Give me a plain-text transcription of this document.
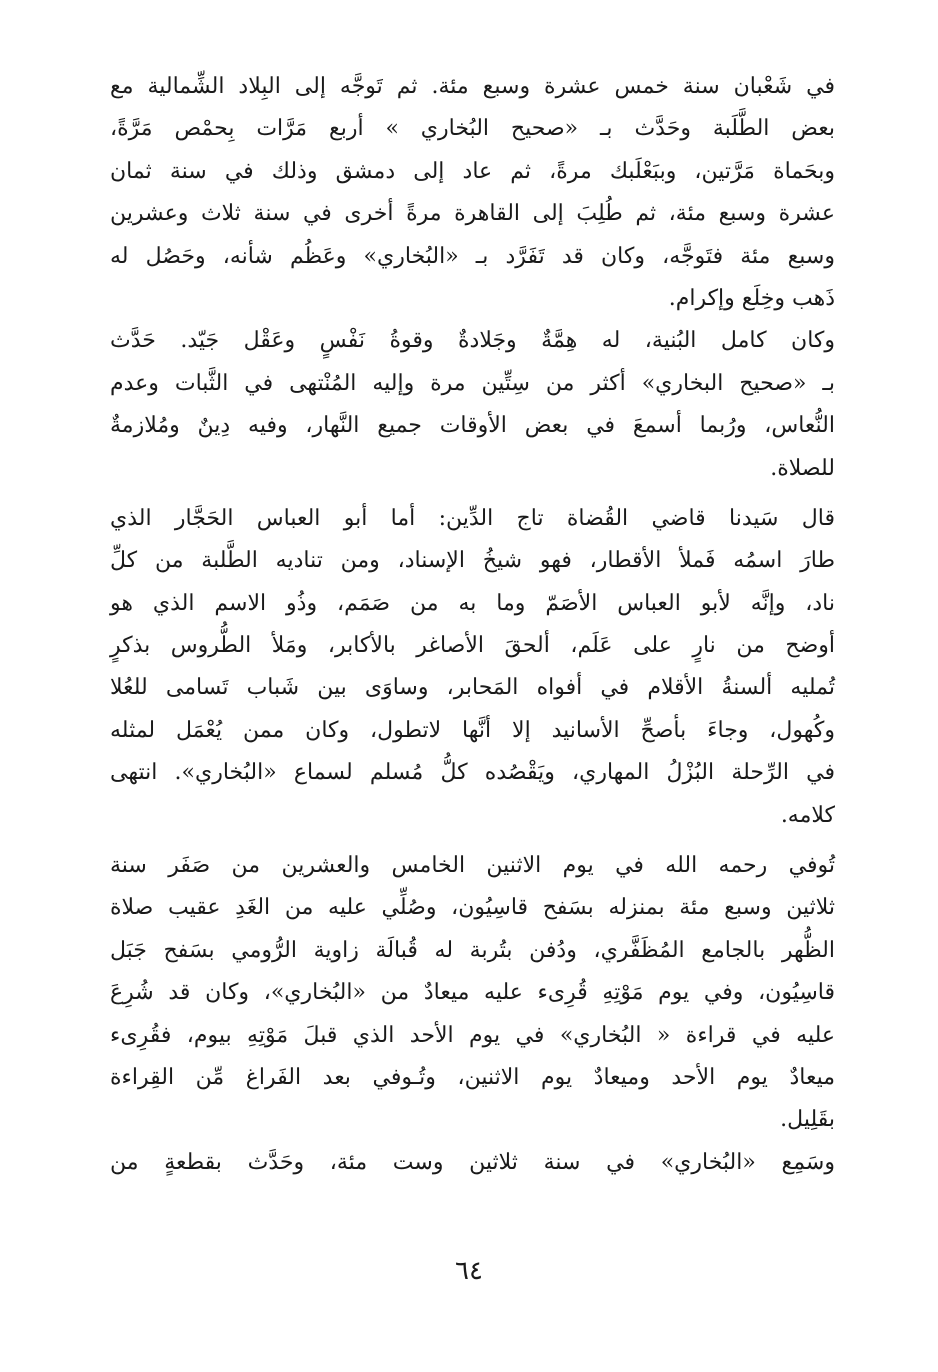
في شَعْبان سنة خمس عشرة وسبع مئة. ثم تَوجَّه إلى البِلاد الشِّمالية مع
بعض الطَّلَبة وحَدَّث بـ «صحيح البُخاري » أربع مَرَّات بِحمْص مَرَّةً،
وبحَماة مَرَّتين، وببَعْلَبك مرةً، ثم عاد إلى دمشق وذلك في سنة ثمان
عشرة وسبع مئة، ثم طُلِبَ إلى القاهرة مرةً أخرى في سنة ثلاث وعشرين
وسبع مئة فتَوجَّه، وكان قد تَفَرَّد بـ «البُخاري» وعَظُم شأنه، وحَصُل له
ذَهب وخِلَع وإكرام.
وكان كامل البُنية، له هِمَّةٌ وجَلادةٌ وقوةُ نَفْسٍ وعَقْل جَيّد. حَدَّث
بـ «صحيح البخاري» أكثر من سِتِّين مرة وإليه المُنْتهى في الثَّبات وعدم
النُّعاس، ورُبما أسمعَ في بعض الأوقات جميع النَّهار، وفيه دِينٌ ومُلازمةٌ
للصلاة.
قال سَيدنا قاضي القُضاة تاج الدِّين: أما أبو العباس الحَجَّار الذي
طارَ اسمُه فَملأ الأقطار، فهو شيخُ الإسناد، ومن تناديه الطَّلبة من كلِّ
ناد، وإنَّه لأبو العباس الأصَمّ وما به من صَمَم، وذُو الاسم الذي هو
أوضح من نارٍ على عَلَم، ألحقَ الأصاغر بالأكابر، ومَلأ الطُّروس بذكرٍ
تُمليه ألسنةُ الأقلام في أفواه المَحابر، وساوَى بين شَباب تَسامى للعُلا
وكُهول، وجاءَ بأصحِّ الأسانيد إلا أنَّها لاتطول، وكان ممن يُعْمَل لمثله
في الرِّحلة البُزْلُ المهاري، ويَقْصُده كلُّ مُسلم لسماع «البُخاري». انتهى
كلامه.
تُوفي رحمه الله في يوم الاثنين الخامس والعشرين من صَفَر سنة
ثلاثين وسبع مئة بمنزله بسَفح قاسِيُون، وصُلِّي عليه من الغَدِ عقيب صلاة
الظُّهر بالجامع المُظَفَّري، ودُفن بتُربة له قُبالَة زاوية الرُّومي بسَفح جَبَل
قاسِيُون، وفي يوم مَوْتِهِ قُرِىء عليه ميعادٌ من «البُخاري»، وكان قد شُرِعَ
عليه في قراءة « البُخاري» في يوم الأحد الذي قبلَ مَوْتِهِ بيوم، فقُرِىء
ميعادٌ يوم الأحد وميعادٌ يوم الاثنين، وتُـوفي بعد الفَراغ مِّن القِراءة
بقَلِيل.
وسَمِع «البُخاري» في سنة ثلاثين وست مئة، وحَدَّث بقطعةٍ من
٦٤
